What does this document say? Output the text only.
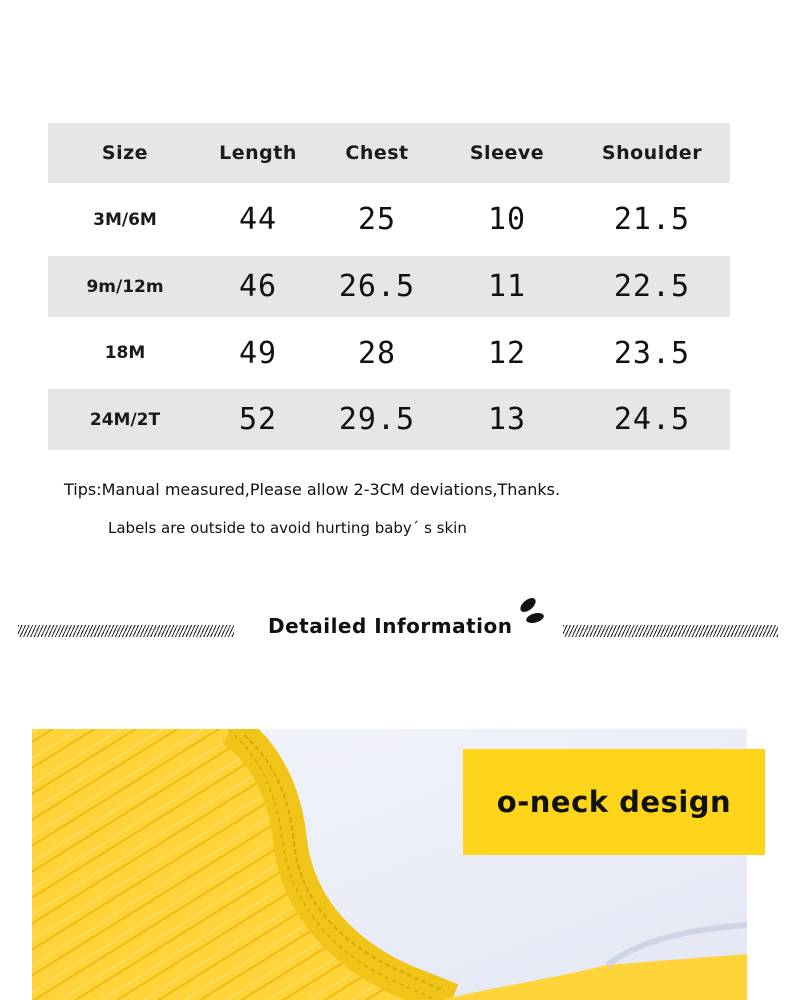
Size	Length	Chest	Sleeve	Shoulder
3M/6M	44	25	10	21.5
9m/12m	46	26.5	11	22.5
18M	49	28	12	23.5
24M/2T	52	29.5	13	24.5
Tips:Manual measured,Please allow 2-3CM deviations,Thanks.
Labels are outside to avoid hurting baby´ s skin
Detailed Information
o-neck design
